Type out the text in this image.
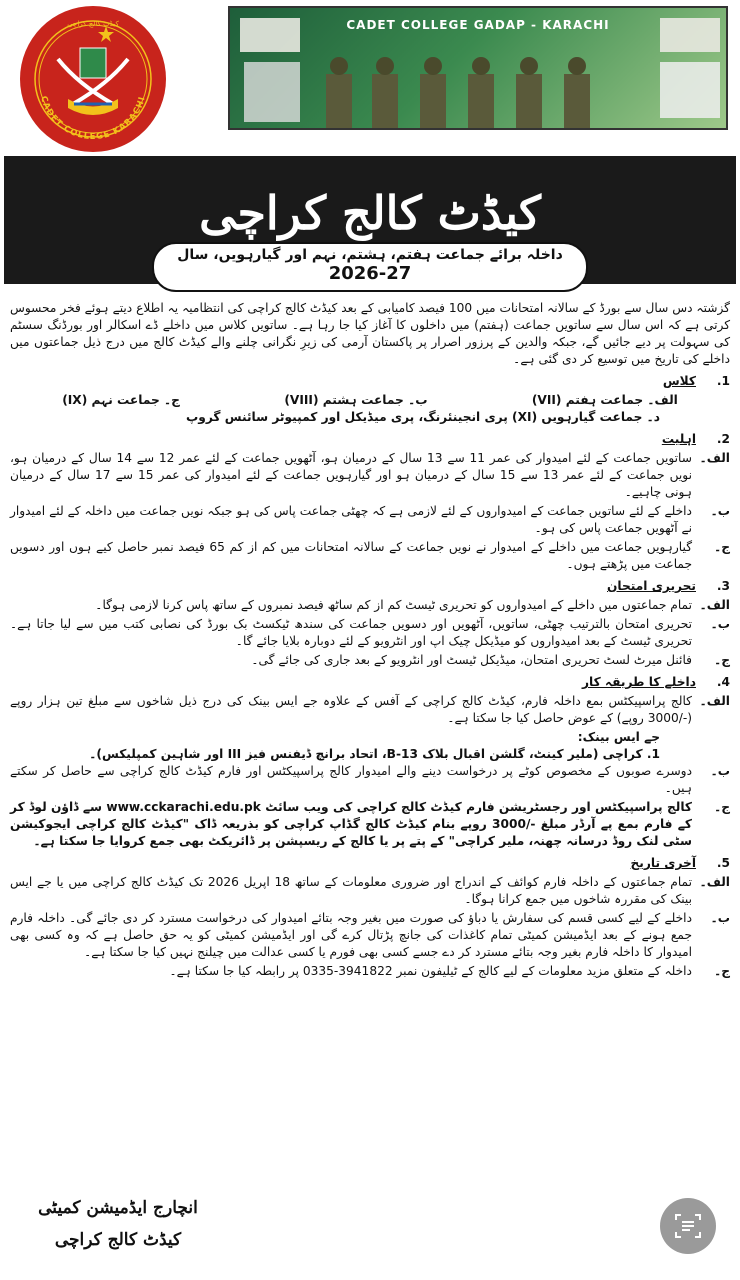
CADET COLLEGE KARACHI
کیڈٹ کالج کراچی	CADET COLLEGE GADAP - KARACHI
کیڈٹ کالج کراچی
داخلہ برائے جماعت ہفتم، ہشتم، نہم اور گیارہویں، سال
2026-27

گزشتہ دس سال سے بورڈ کے سالانہ امتحانات میں 100 فیصد کامیابی کے بعد کیڈٹ کالج کراچی کی انتظامیہ یہ اطلاع دیتے ہوئے فخر محسوس کرتی ہے کہ اس سال سے ساتویں جماعت (ہفتم) میں داخلوں کا آغاز کیا جا رہا ہے۔ ساتویں کلاس میں داخلے ڈے اسکالر اور بورڈنگ سسٹم کی سہولت پر دیے جائیں گے، جبکہ والدین کے پرزور اصرار پر پاکستان آرمی کی زیرِ نگرانی چلنے والے کیڈٹ کالج میں درج ذیل جماعتوں میں داخلے کی تاریخ میں توسیع کر دی گئی ہے۔

1.
کلاس
الف۔ جماعت ہفتم (VII)
ب۔ جماعت ہشتم (VIII)
ج۔ جماعت نہم (IX)
د۔ جماعت گیارہویں (XI) پری انجینئرنگ، پری میڈیکل اور کمپیوٹر سائنس گروپ
2.
اہلیت
الف۔
ساتویں جماعت کے لئے امیدوار کی عمر 11 سے 13 سال کے درمیان ہو، آٹھویں جماعت کے لئے عمر 12 سے 14 سال کے درمیان ہو، نویں جماعت کے لئے عمر 13 سے 15 سال کے درمیان ہو اور گیارہویں جماعت کے لئے امیدوار کی عمر 15 سے 17 سال کے درمیان ہونی چاہیے۔
ب۔
داخلے کے لئے ساتویں جماعت کے امیدواروں کے لئے لازمی ہے کہ چھٹی جماعت پاس کی ہو جبکہ نویں جماعت میں داخلہ کے لئے امیدوار نے آٹھویں جماعت پاس کی ہو۔
ج۔
گیارہویں جماعت میں داخلے کے امیدوار نے نویں جماعت کے سالانہ امتحانات میں کم از کم 65 فیصد نمبر حاصل کیے ہوں اور دسویں جماعت میں پڑھتے ہوں۔
3.
تحریری امتحان
الف۔
تمام جماعتوں میں داخلے کے امیدواروں کو تحریری ٹیسٹ کم از کم ساٹھ فیصد نمبروں کے ساتھ پاس کرنا لازمی ہوگا۔
ب۔
تحریری امتحان بالترتیب چھٹی، ساتویں، آٹھویں اور دسویں جماعت کی سندھ ٹیکسٹ بک بورڈ کی نصابی کتب میں سے لیا جاتا ہے۔ تحریری ٹیسٹ کے بعد امیدواروں کو میڈیکل چیک اپ اور انٹرویو کے لئے دوبارہ بلایا جائے گا۔
ج۔
فائنل میرٹ لسٹ تحریری امتحان، میڈیکل ٹیسٹ اور انٹرویو کے بعد جاری کی جائے گی۔
4.
داخلے کا طریقہ کار
الف۔
کالج پراسپیکٹس بمع داخلہ فارم، کیڈٹ کالج کراچی کے آفس کے علاوہ جے ایس بینک کی درج ذیل شاخوں سے مبلغ تین ہزار روپے (-/3000 روپے) کے عوض حاصل کیا جا سکتا ہے۔
جے ایس بینک:
1. کراچی (ملیر کینٹ، گلشن اقبال بلاک B-13، اتحاد برانچ ڈیفنس فیز III اور شاہین کمپلیکس)۔
ب۔
دوسرے صوبوں کے مخصوص کوٹے پر درخواست دینے والے امیدوار کالج پراسپیکٹس اور فارم کیڈٹ کالج کراچی سے حاصل کر سکتے ہیں۔
ج۔
کالج پراسپیکٹس اور رجسٹریشن فارم کیڈٹ کالج کراچی کی ویب سائٹ www.cckarachi.edu.pk سے ڈاؤن لوڈ کر کے فارم بمع پے آرڈر مبلغ -/3000 روپے بنام کیڈٹ کالج گڈاپ کراچی کو بذریعہ ڈاک "کیڈٹ کالج کراچی ایجوکیشن سٹی لنک روڈ درسانہ چھنہ، ملیر کراچی" کے پتے پر یا کالج کے ریسپشن پر ڈائریکٹ بھی جمع کروایا جا سکتا ہے۔
5.
آخری تاریخ
الف۔
تمام جماعتوں کے داخلہ فارم کوائف کے اندراج اور ضروری معلومات کے ساتھ 18 اپریل 2026 تک کیڈٹ کالج کراچی میں یا جے ایس بینک کی مقررہ شاخوں میں جمع کرانا ہوگا۔
ب۔
داخلے کے لیے کسی قسم کی سفارش یا دباؤ کی صورت میں بغیر وجہ بتائے امیدوار کی درخواست مسترد کر دی جائے گی۔ داخلہ فارم جمع ہونے کے بعد ایڈمیشن کمیٹی تمام کاغذات کی جانچ پڑتال کرے گی اور ایڈمیشن کمیٹی کو یہ حق حاصل ہے کہ وہ کسی بھی امیدوار کا داخلہ فارم بغیر وجہ بتائے مسترد کر دے جسے کسی بھی فورم یا کسی عدالت میں چیلنج نہیں کیا جا سکتا ہے۔
ج۔
داخلہ کے متعلق مزید معلومات کے لیے کالج کے ٹیلیفون نمبر 3941822-0335 پر رابطہ کیا جا سکتا ہے۔
انچارج ایڈمیشن کمیٹی
کیڈٹ کالج کراچی
